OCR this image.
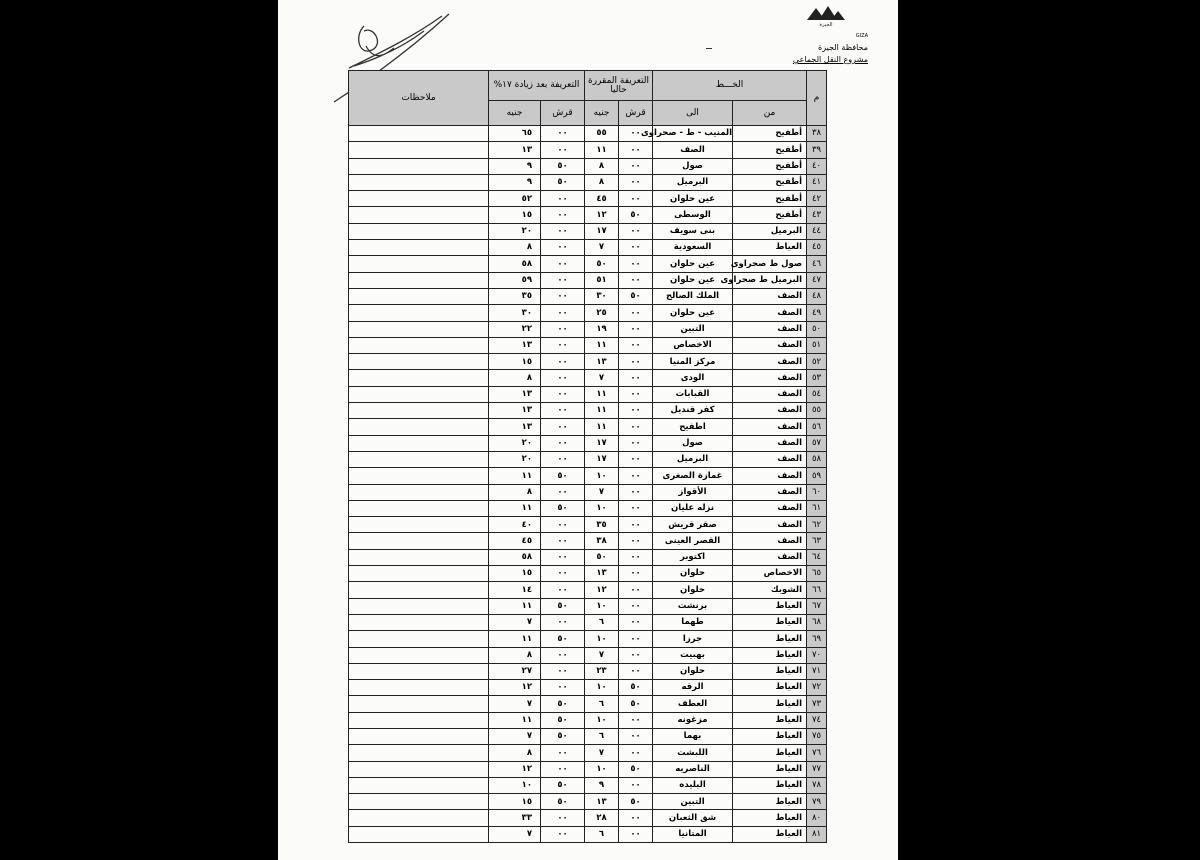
الجيزة
GIZA
محافظة الجيزة
مشروع النقل الجماعي
م	الخـــط		التعريفة المقررة حاليا		التعريفة بعد زيادة ١٧%		ملاحظات
	من	الى	قرش	جنيه	قرش	جنيه	
٣٨	أطفيح	المنيب - ط - صحراوى	٠٠	٥٥	٠٠	٦٥	
٣٩	أطفيح	الصف	٠٠	١١	٠٠	١٣	
٤٠	أطفيح	صول	٠٠	٨	٥٠	٩	
٤١	أطفيح	البرميل	٠٠	٨	٥٠	٩	
٤٢	أطفيح	عين حلوان	٠٠	٤٥	٠٠	٥٢	
٤٣	أطفيح	الوسطى	٥٠	١٢	٠٠	١٥	
٤٤	البرميل	بنى سويف	٠٠	١٧	٠٠	٢٠	
٤٥	العياط	السعودية	٠٠	٧	٠٠	٨	
٤٦	صول ط صحراوى	عين حلوان	٠٠	٥٠	٠٠	٥٨	
٤٧	البرميل ط صحراوى	عين حلوان	٠٠	٥١	٠٠	٥٩	
٤٨	الصف	الملك الصالح	٥٠	٣٠	٠٠	٣٥	
٤٩	الصف	عين حلوان	٠٠	٢٥	٠٠	٣٠	
٥٠	الصف	التبين	٠٠	١٩	٠٠	٢٢	
٥١	الصف	الاخصاص	٠٠	١١	٠٠	١٣	
٥٢	الصف	مركز المنيا	٠٠	١٣	٠٠	١٥	
٥٣	الصف	الودى	٠٠	٧	٠٠	٨	
٥٤	الصف	القبابات	٠٠	١١	٠٠	١٣	
٥٥	الصف	كفر قنديل	٠٠	١١	٠٠	١٣	
٥٦	الصف	اطفيح	٠٠	١١	٠٠	١٣	
٥٧	الصف	صول	٠٠	١٧	٠٠	٢٠	
٥٨	الصف	البرميل	٠٠	١٧	٠٠	٢٠	
٥٩	الصف	غمازة الصغرى	٠٠	١٠	٥٠	١١	
٦٠	الصف	الأقواز	٠٠	٧	٠٠	٨	
٦١	الصف	نزله عليان	٠٠	١٠	٥٠	١١	
٦٢	الصف	صقر قريش	٠٠	٣٥	٠٠	٤٠	
٦٣	الصف	القصر العينى	٠٠	٣٨	٠٠	٤٥	
٦٤	الصف	اكتوبر	٠٠	٥٠	٠٠	٥٨	
٦٥	الاخصاص	حلوان	٠٠	١٣	٠٠	١٥	
٦٦	الشوبك	حلوان	٠٠	١٢	٠٠	١٤	
٦٧	العياط	برنشت	٠٠	١٠	٥٠	١١	
٦٨	العياط	طهما	٠٠	٦	٠٠	٧	
٦٩	العياط	جرزا	٠٠	١٠	٥٠	١١	
٧٠	العياط	بهبيت	٠٠	٧	٠٠	٨	
٧١	العياط	حلوان	٠٠	٢٣	٠٠	٢٧	
٧٢	العياط	الرقه	٥٠	١٠	٠٠	١٢	
٧٣	العياط	العطف	٥٠	٦	٥٠	٧	
٧٤	العياط	مزغونه	٠٠	١٠	٥٠	١١	
٧٥	العياط	بهما	٠٠	٦	٥٠	٧	
٧٦	العياط	اللبشت	٠٠	٧	٠٠	٨	
٧٧	العياط	الناصريه	٥٠	١٠	٠٠	١٢	
٧٨	العياط	البليده	٠٠	٩	٥٠	١٠	
٧٩	العياط	التبين	٥٠	١٣	٥٠	١٥	
٨٠	العياط	شق الثعبان	٠٠	٢٨	٠٠	٣٣	
٨١	العياط	المتانيا	٠٠	٦	٠٠	٧	
